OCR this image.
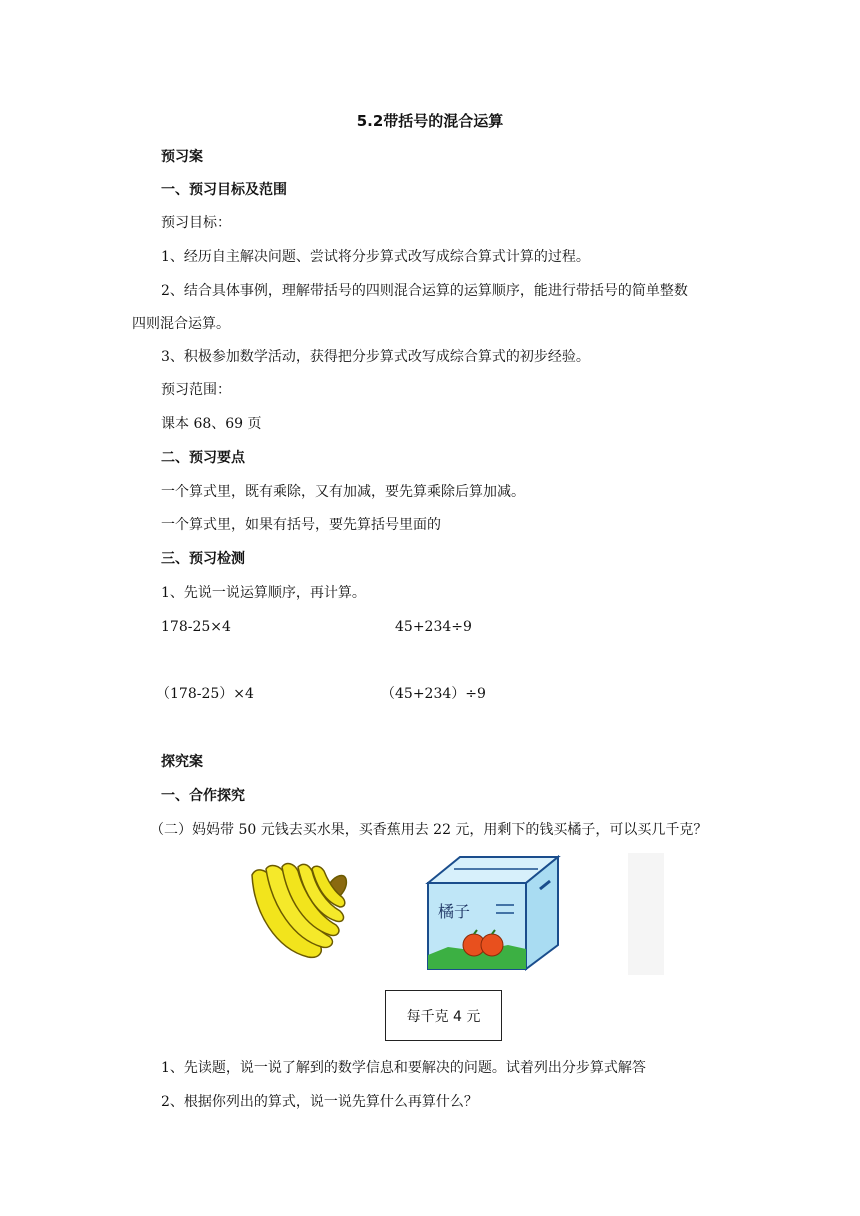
5.2带括号的混合运算
预习案
一、预习目标及范围
预习目标：
1、经历自主解决问题、尝试将分步算式改写成综合算式计算的过程。
2、结合具体事例，理解带括号的四则混合运算的运算顺序，能进行带括号的简单整数
四则混合运算。
3、积极参加数学活动，获得把分步算式改写成综合算式的初步经验。
预习范围：
课本 68、69 页
二、预习要点
一个算式里，既有乘除，又有加减，要先算乘除后算加减。
一个算式里，如果有括号，要先算括号里面的
三、预习检测
1、先说一说运算顺序，再计算。
178-25×4	45+234÷9
（178-25）×4	（45+234）÷9
探究案
一、合作探究
（二）妈妈带 50 元钱去买水果，买香蕉用去 22 元，用剩下的钱买橘子，可以买几千克？
橘子
每千克 4 元
1、先读题，说一说了解到的数学信息和要解决的问题。试着列出分步算式解答
2、根据你列出的算式，说一说先算什么再算什么？
